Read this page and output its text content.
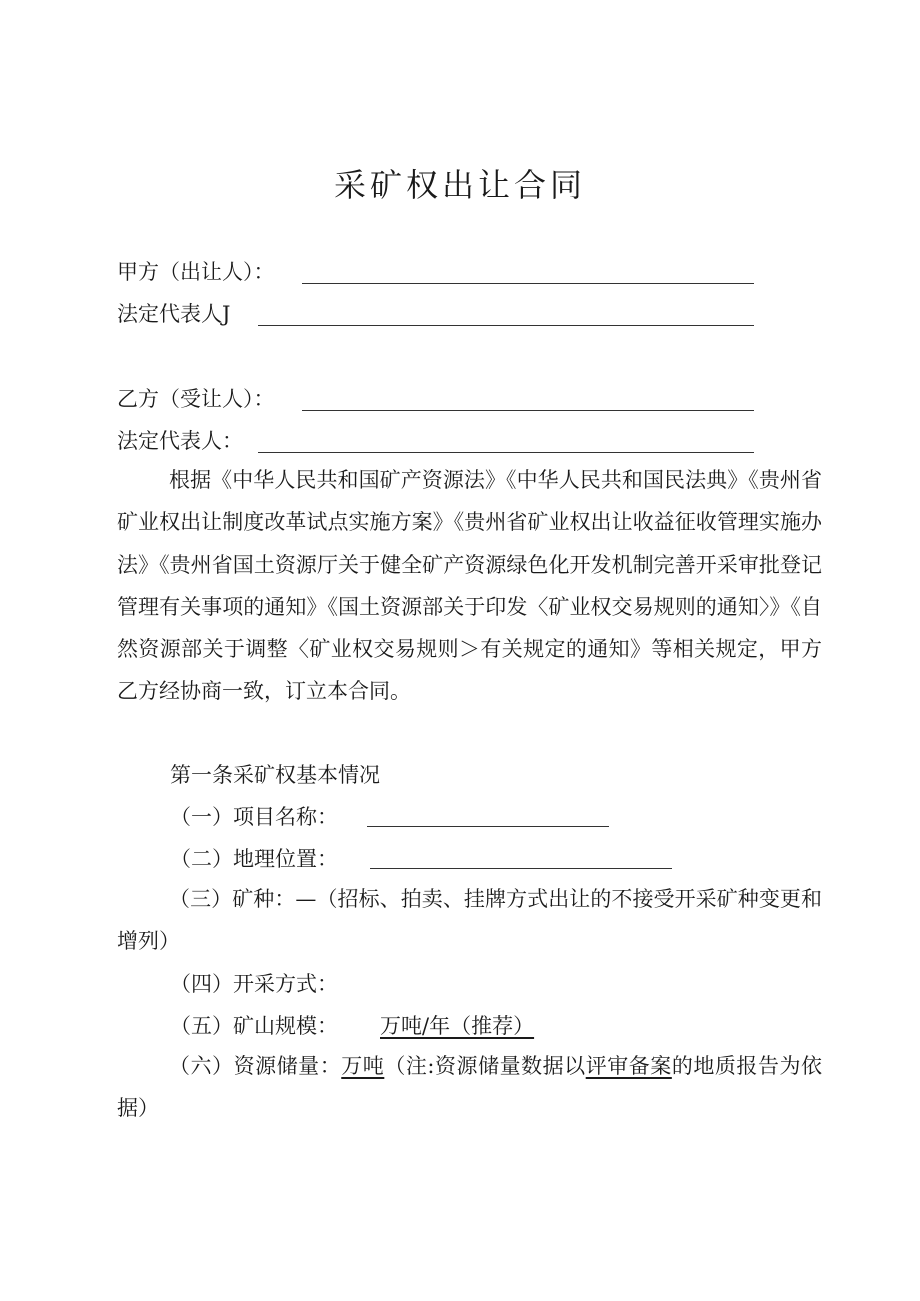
采矿权出让合同
甲方（出让人）：
法定代表人J
乙方（受让人）：
法定代表人：
根据《中华人民共和国矿产资源法》《中华人民共和国民法典》《贵州省矿业权出让制度改革试点实施方案》《贵州省矿业权出让收益征收管理实施办法》《贵州省国土资源厅关于健全矿产资源绿色化开发机制完善开采审批登记管理有关事项的通知》《国土资源部关于印发〈矿业权交易规则的通知〉》《自然资源部关于调整〈矿业权交易规则＞有关规定的通知》等相关规定，甲方乙方经协商一致，订立本合同。
第一条采矿权基本情况
（一）项目名称：
（二）地理位置：
（三）矿种：—（招标、拍卖、挂牌方式出让的不接受开采矿种变更和增列）
（四）开采方式：
（五）矿山规模： 万吨/年（推荐）
（六）资源储量：万吨（注:资源储量数据以评审备案的地质报告为依据）
